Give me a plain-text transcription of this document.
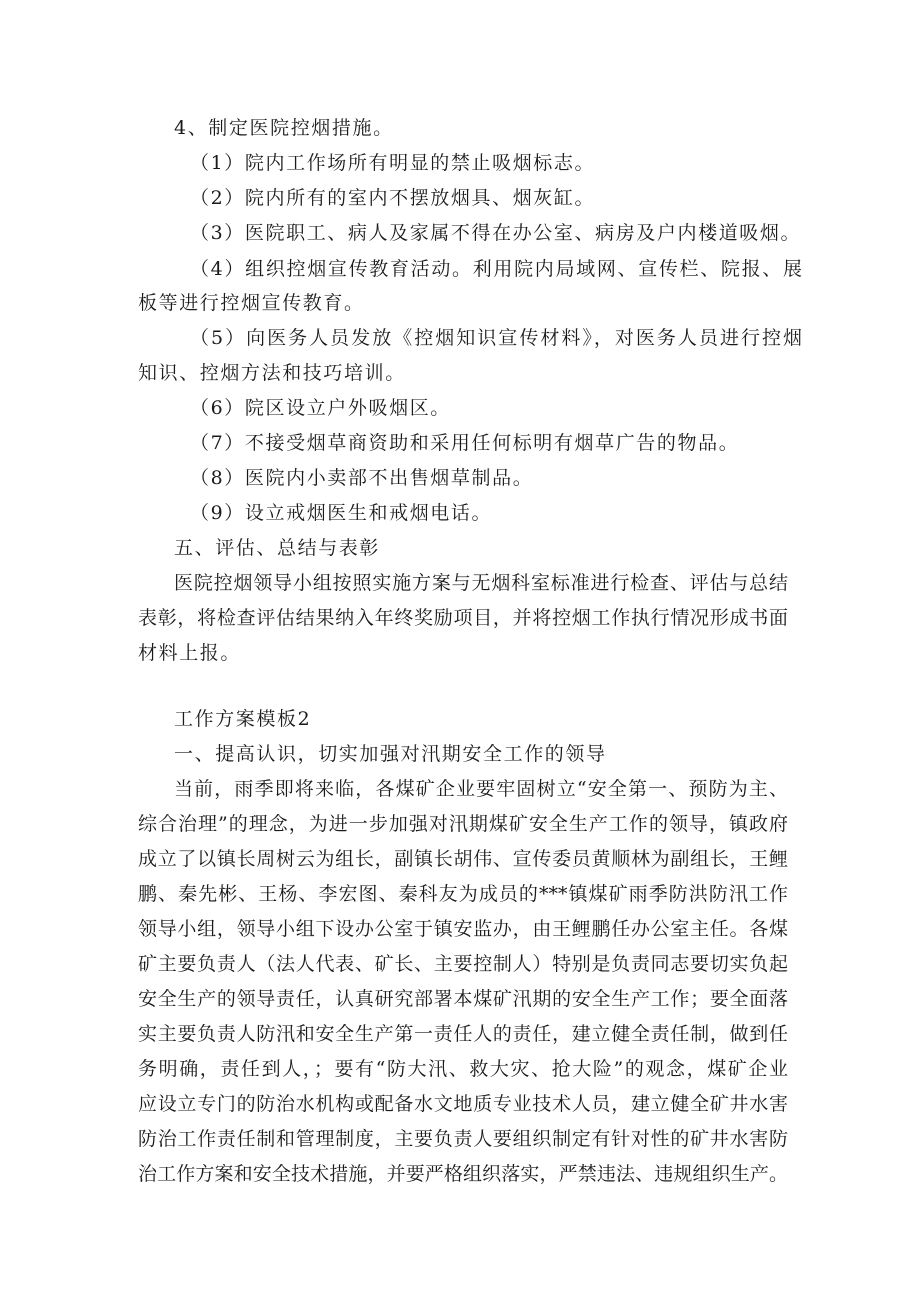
4、制定医院控烟措施。
（1）院内工作场所有明显的禁止吸烟标志。
（2）院内所有的室内不摆放烟具、烟灰缸。
（3）医院职工、病人及家属不得在办公室、病房及户内楼道吸烟。
（4）组织控烟宣传教育活动。利用院内局域网、宣传栏、院报、展
板等进行控烟宣传教育。
（5）向医务人员发放《控烟知识宣传材料》，对医务人员进行控烟
知识、控烟方法和技巧培训。
（6）院区设立户外吸烟区。
（7）不接受烟草商资助和采用任何标明有烟草广告的物品。
（8）医院内小卖部不出售烟草制品。
（9）设立戒烟医生和戒烟电话。
五、评估、总结与表彰
医院控烟领导小组按照实施方案与无烟科室标准进行检查、评估与总结
表彰，将检查评估结果纳入年终奖励项目，并将控烟工作执行情况形成书面
材料上报。
工作方案模板2
一、提高认识，切实加强对汛期安全工作的领导
当前，雨季即将来临，各煤矿企业要牢固树立“安全第一、预防为主、
综合治理”的理念，为进一步加强对汛期煤矿安全生产工作的领导，镇政府
成立了以镇长周树云为组长，副镇长胡伟、宣传委员黄顺林为副组长，王鲤
鹏、秦先彬、王杨、李宏图、秦科友为成员的***镇煤矿雨季防洪防汛工作
领导小组，领导小组下设办公室于镇安监办，由王鲤鹏任办公室主任。各煤
矿主要负责人（法人代表、矿长、主要控制人）特别是负责同志要切实负起
安全生产的领导责任，认真研究部署本煤矿汛期的安全生产工作；要全面落
实主要负责人防汛和安全生产第一责任人的责任，建立健全责任制，做到任
务明确，责任到人，；要有“防大汛、救大灾、抢大险”的观念，煤矿企业
应设立专门的防治水机构或配备水文地质专业技术人员，建立健全矿井水害
防治工作责任制和管理制度，主要负责人要组织制定有针对性的矿井水害防
治工作方案和安全技术措施，并要严格组织落实，严禁违法、违规组织生产。
